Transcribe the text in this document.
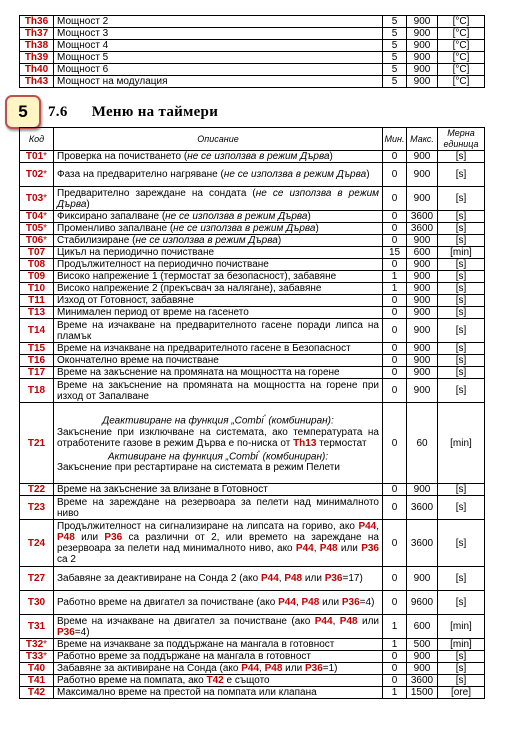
Th36	Мощност 2	5	900	[°C]
Th37	Мощност 3	5	900	[°C]
Th38	Мощност 4	5	900	[°C]
Th39	Мощност 5	5	900	[°C]
Th40	Мощност 6	5	900	[°C]
Th43	Мощност на модулация	5	900	[°C]
5	7.6 Меню на таймери
Код	Описание	Мин.	Макс.	Мерна единица
T01*	Проверка на почистването (не се използва в режим Дърва)	0	900	[s]
T02*	Фаза на предварително нагряване (не се използва в режим Дърва)	0	900	[s]
T03*	Предварително зареждане на сондата (не се използва в режим Дърва)	0	900	[s]
T04*	Фиксирано запалване (не се използва в режим Дърва)	0	3600	[s]
T05*	Променливо запалване (не се използва в режим Дърва)	0	3600	[s]
T06*	Стабилизиране (не се използва в режим Дърва)	0	900	[s]
T07	Цикъл на периодично почистване	15	600	[min]
T08	Продължителност на периодично почистване	0	900	[s]
T09	Високо напрежение 1 (термостат за безопасност), забавяне	1	900	[s]
T10	Високо напрежение 2 (прекъсвач за налягане), забавяне	1	900	[s]
T11	Изход от Готовност, забавяне	0	900	[s]
T13	Минимален период от време на гасенето	0	900	[s]
T14	Време на изчакване на предварителното гасене поради липса на пламък	0	900	[s]
T15	Време на изчакване на предварителното гасене в Безопасност	0	900	[s]
T16	Окончателно време на почистване	0	900	[s]
T17	Време на закъснение на промяната на мощността на горене	0	900	[s]
T18	Време на закъснение на промяната на мощността на горене при изход от Запалване	0	900	[s]
T21	Деактивиране на функция „Combi“ (комбиниран):
Закъснение при изключване на системата, ако температурата на отработените газове в режим Дърва е по-ниска от Th13 термостат
Активиране на функция „Combi“ (комбиниран):
Закъснение при рестартиране на системата в режим Пелети	0	60	[min]
T22	Време на закъснение за влизане в Готовност	0	900	[s]
T23	Време на зареждане на резервоара за пелети над минималното ниво	0	3600	[s]
T24	Продължителност на сигнализиране на липсата на гориво, ако P44, P48 или P36 са различни от 2, или времето на зареждане на резервоара за пелети над минималното ниво, ако P44, P48 или P36 са 2	0	3600	[s]
T27	Забавяне за деактивиране на Сонда 2 (ако P44, P48 или P36=17)	0	900	[s]
T30	Работно време на двигател за почистване (ако P44, P48 или P36=4)	0	9600	[s]
T31	Време на изчакване на двигател за почистване (ако P44, P48 или P36=4)	1	600	[min]
T32*	Време на изчакване за поддържане на мангала в готовност	1	500	[min]
T33*	Работно време за поддържане на мангала в готовност	0	900	[s]
T40	Забавяне за активиране на Сонда (ако P44, P48 или P36=1)	0	900	[s]
T41	Работно време на помпата, ако T42 е същото	0	3600	[s]
T42	Максимално време на престой на помпата или клапана	1	1500	[ore]
